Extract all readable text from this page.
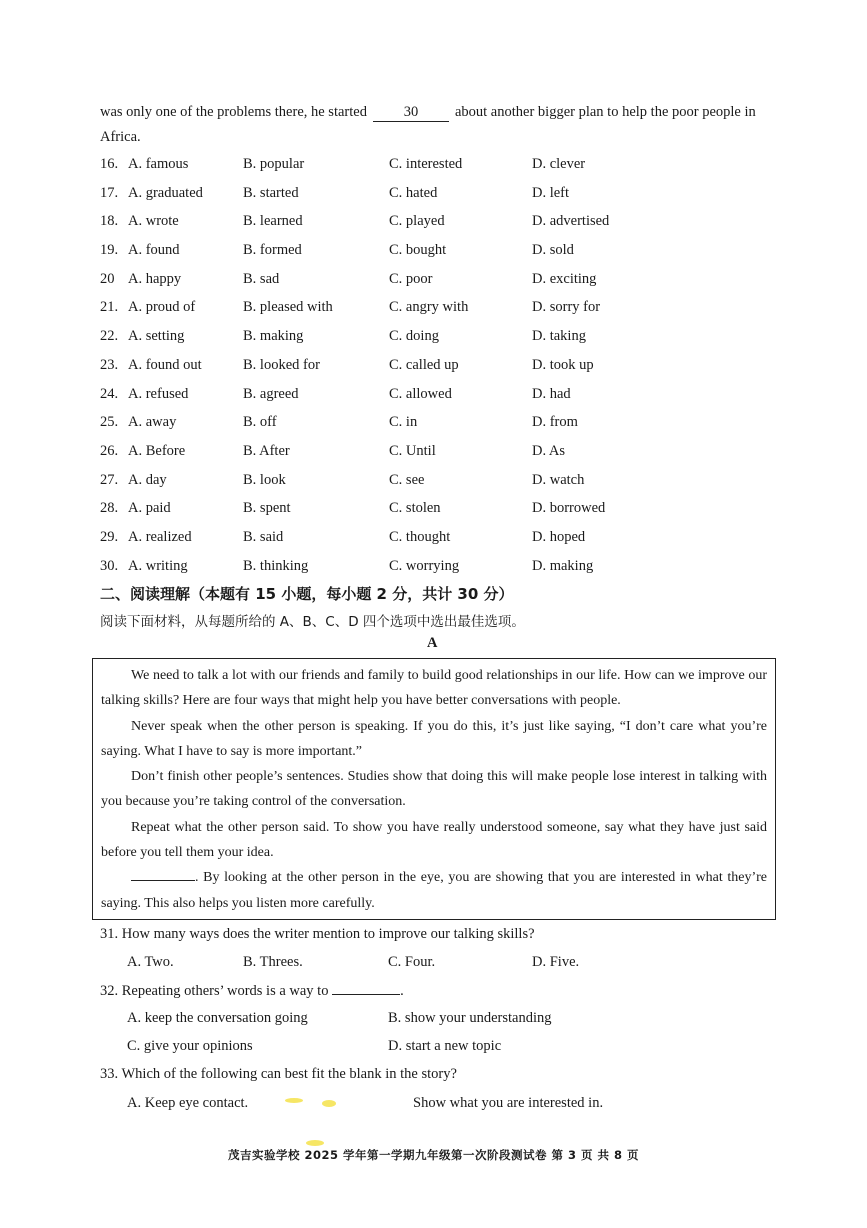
was only one of the problems there, he started	30	about another bigger plan to help the poor people in
Africa.
16. A. famous	B. popular	C. interested	D. clever
17. A. graduated	B. started	C. hated	D. left
18. A. wrote	B. learned	C. played	D. advertised
19. A. found	B. formed	C. bought	D. sold
20 A. happy	B. sad	C. poor	D. exciting
21. A. proud of	B. pleased with	C. angry with	D. sorry for
22. A. setting	B. making	C. doing	D. taking
23. A. found out	B. looked for	C. called up	D. took up
24. A. refused	B. agreed	C. allowed	D. had
25. A. away	B. off	C. in	D. from
26. A. Before	B. After	C. Until	D. As
27. A. day	B. look	C. see	D. watch
28. A. paid	B. spent	C. stolen	D. borrowed
29. A. realized	B. said	C. thought	D. hoped
30. A. writing	B. thinking	C. worrying	D. making
二、阅读理解（本题有 15 小题，每小题 2 分，共计 30 分）
阅读下面材料，从每题所给的 A、B、C、D 四个选项中选出最佳选项。
A

We need to talk a lot with our friends and family to build good relationships in our life. How can we improve our talking skills? Here are four ways that might help you have better conversations with people.

Never speak when the other person is speaking. If you do this, it’s just like saying, “I don’t care what you’re saying. What I have to say is more important.”

Don’t finish other people’s sentences. Studies show that doing this will make people lose interest in talking with you because you’re taking control of the conversation.

Repeat what the other person said. To show you have really understood someone, say what they have just said before you tell them your idea.

. By looking at the other person in the eye, you are showing that you are interested in what they’re saying. This also helps you listen more carefully.

31. How many ways does the writer mention to improve our talking skills?
A. Two.	B. Threes.	C. Four.	D. Five.
32. Repeating others’ words is a way to	.
A. keep the conversation going	B. show your understanding
C. give your opinions	D. start a new topic
33. Which of the following can best fit the blank in the story?
A. Keep eye contact.	Show what you are interested in.
茂吉实验学校 2025 学年第一学期九年级第一次阶段测试卷 第 3 页 共 8 页
